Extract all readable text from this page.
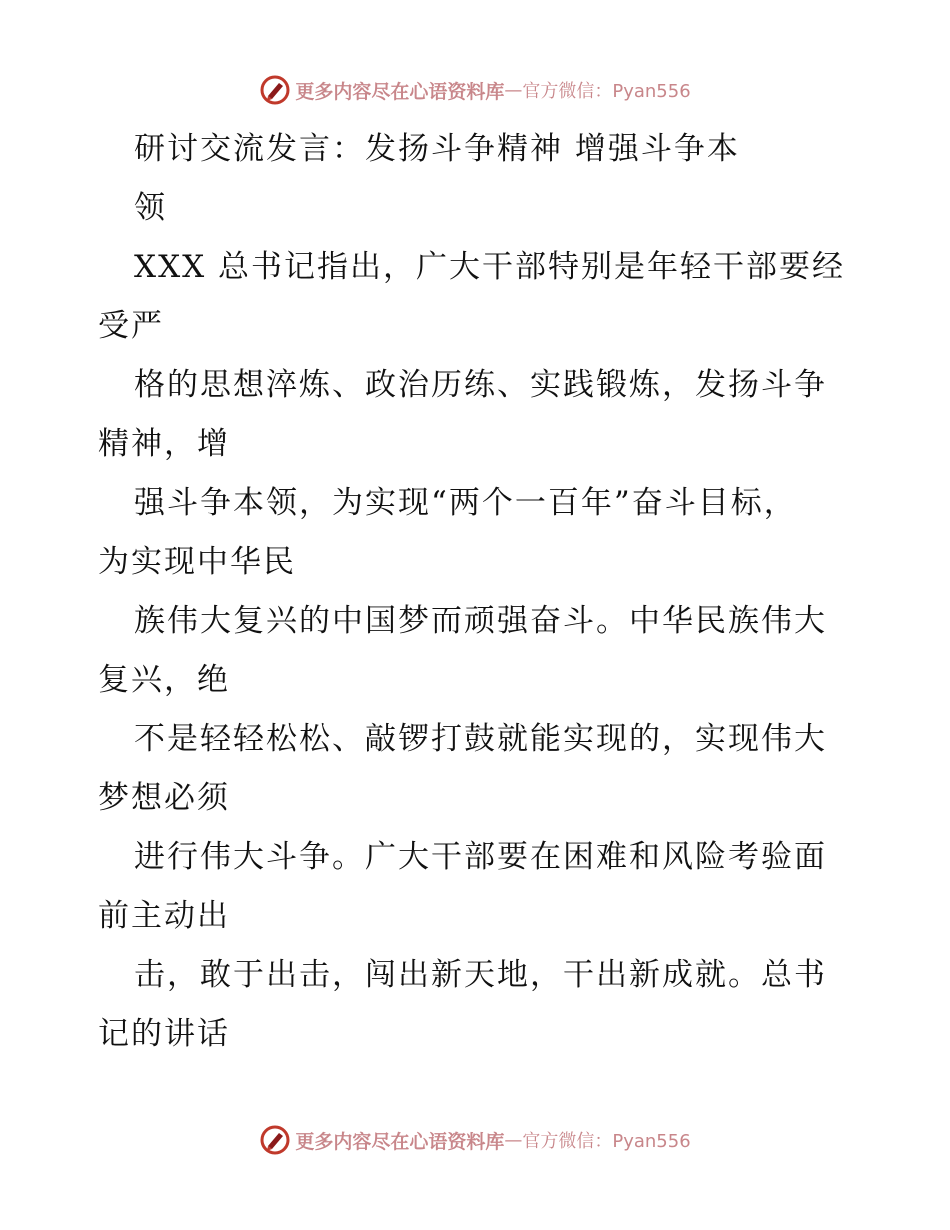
更多内容尽在心语资料库 — 官方微信：Pyan556
研讨交流发言：发扬斗争精神 增强斗争本
领
XXX 总书记指出，广大干部特别是年轻干部要经
受严
格的思想淬炼、政治历练、实践锻炼，发扬斗争
精神，增
强斗争本领，为实现“两个一百年”奋斗目标，
为实现中华民
族伟大复兴的中国梦而顽强奋斗。中华民族伟大
复兴，绝
不是轻轻松松、敲锣打鼓就能实现的，实现伟大
梦想必须
进行伟大斗争。广大干部要在困难和风险考验面
前主动出
击，敢于出击，闯出新天地，干出新成就。总书
记的讲话
更多内容尽在心语资料库 — 官方微信：Pyan556
